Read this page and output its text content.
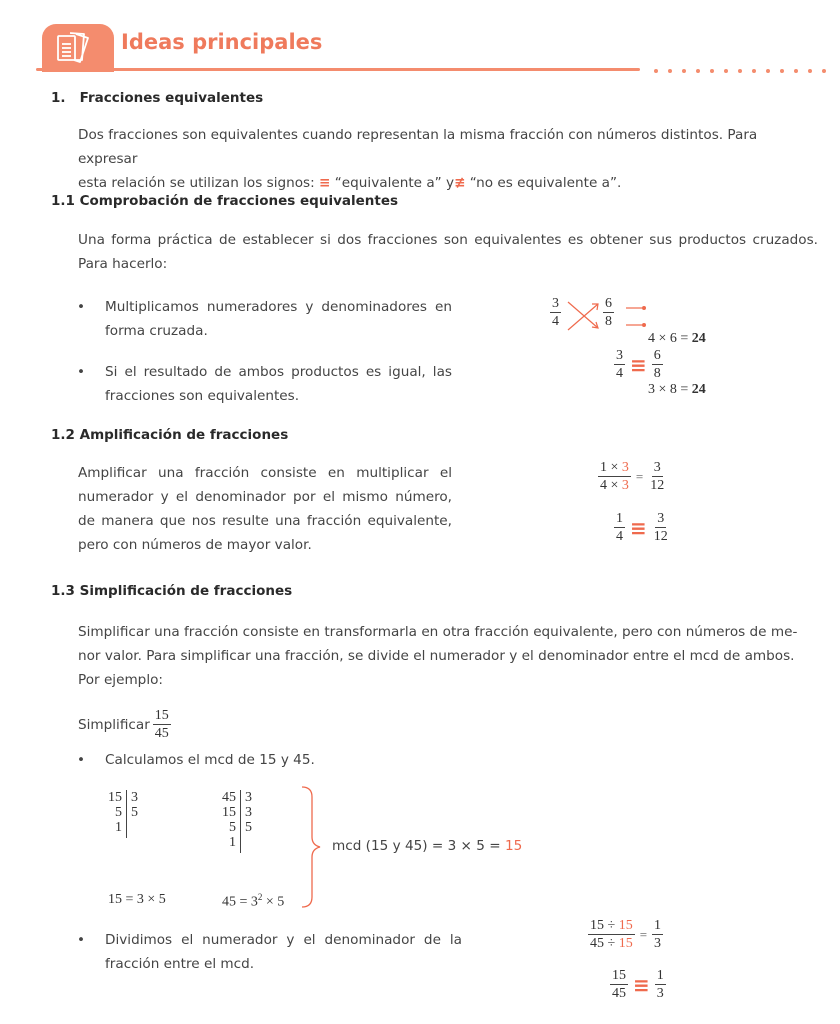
Ideas principales
1.   Fracciones equivalentes
Dos fracciones son equivalentes cuando representan la misma fracción con números distintos. Para expresar
esta relación se utilizan los signos: ≡ “equivalente a” y≢ “no es equivalente a”.
1.1 Comprobación de fracciones equivalentes
Una forma práctica de establecer si dos fracciones son equivalentes es obtener sus productos cruzados. Para hacerlo:
• Multiplicamos numeradores y denominadores en forma cruzada.
• Si el resultado de ambos productos es igual, las fracciones son equivalentes.
$\frac{3}{4}$	$\frac{6}{8}$

4 × 6 = 24

3 × 8 = 24

$\frac{3}{4} \equiv \frac{6}{8}$
1.2 Amplificación de fracciones
Amplificar una fracción consiste en multiplicar el numerador y el denominador por el mismo número, de manera que nos resulte una fracción equivalente, pero con números de mayor valor.
$\frac{1 \times 3}{4 \times 3} = \frac{3}{12}$
$\frac{1}{4} \equiv \frac{3}{12}$
1.3 Simplificación de fracciones
Simplificar una fracción consiste en transformarla en otra fracción equivalente, pero con números de me-
nor valor. Para simplificar una fracción, se divide el numerador y el denominador entre el mcd de ambos.
Por ejemplo:
Simplificar $\frac{15}{45}$
• Calculamos el mcd de 15 y 45.
15
5
1
3
5
45
15
5
1
3
3
5
15 = 3 × 5	$45 = 3^2 \times 5$
mcd (15 y 45) = 3 × 5 = 15
• Dividimos el numerador y el denominador de la fracción entre el mcd.
$\frac{15 \div 15}{45 \div 15} = \frac{1}{3}$
$\frac{15}{45} \equiv \frac{1}{3}$
